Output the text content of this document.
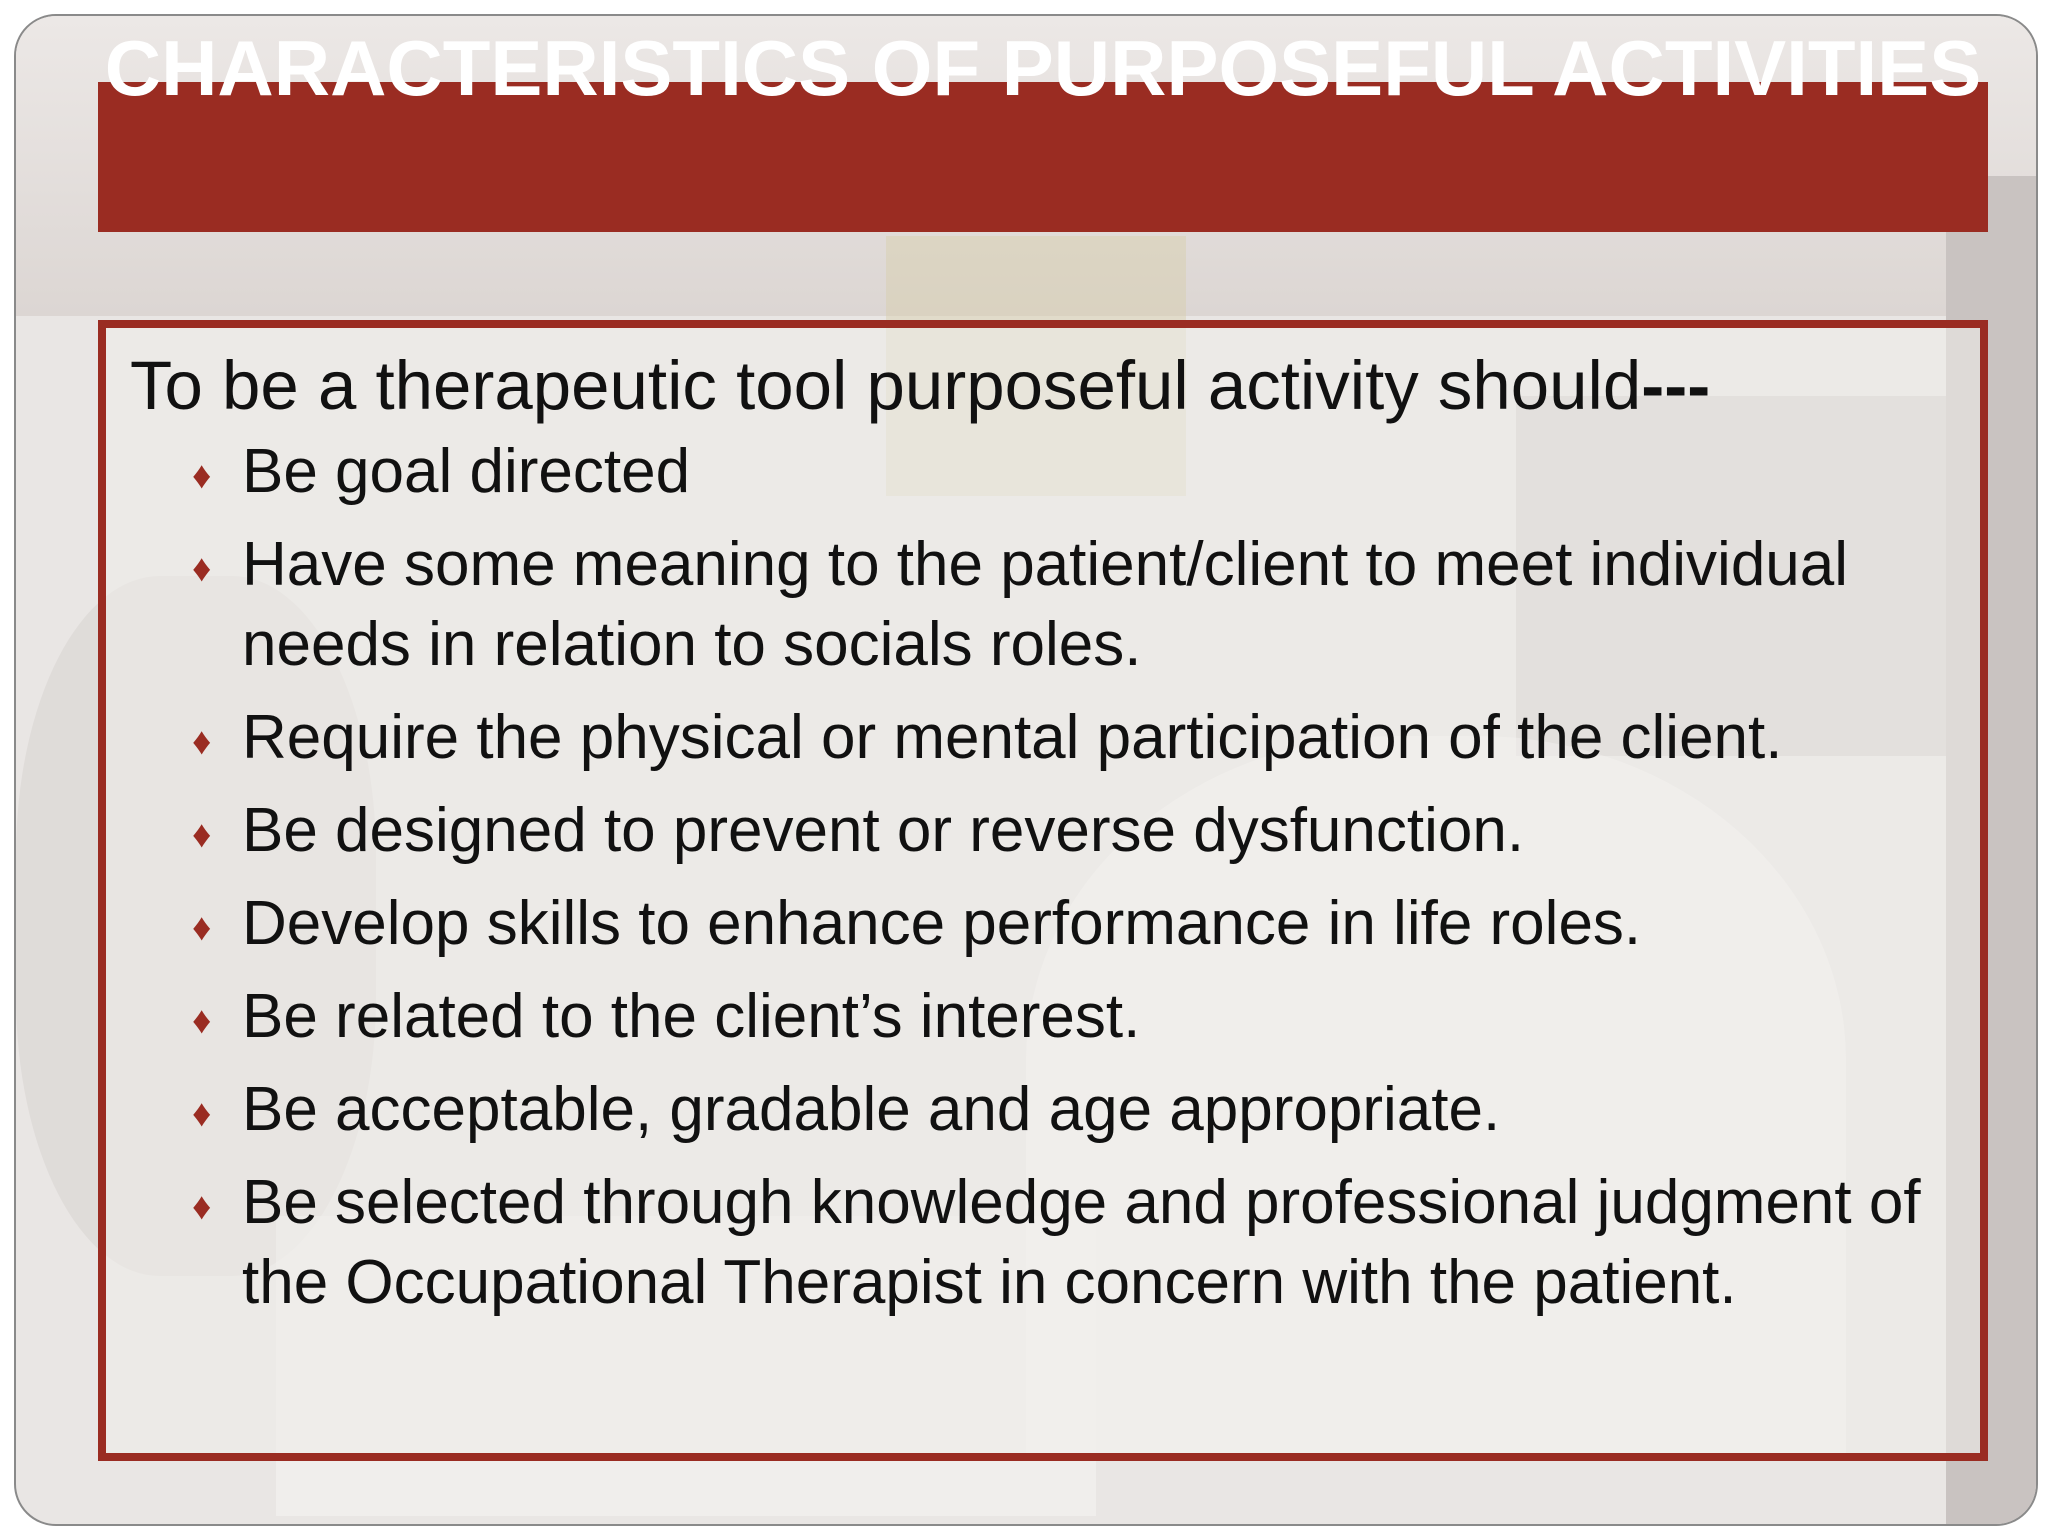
CHARACTERISTICS OF PURPOSEFUL ACTIVITIES

To be a therapeutic tool purposeful activity should---

♦ Be goal directed
♦ Have some meaning to the patient/client to meet individual needs in relation to socials roles.
♦ Require the physical or mental participation of the client.
♦ Be designed to prevent or reverse dysfunction.
♦ Develop skills to enhance performance in life roles.
♦ Be related to the client’s interest.
♦ Be acceptable, gradable and age appropriate.
♦ Be selected through knowledge and professional judgment of the Occupational Therapist in concern with the patient.
